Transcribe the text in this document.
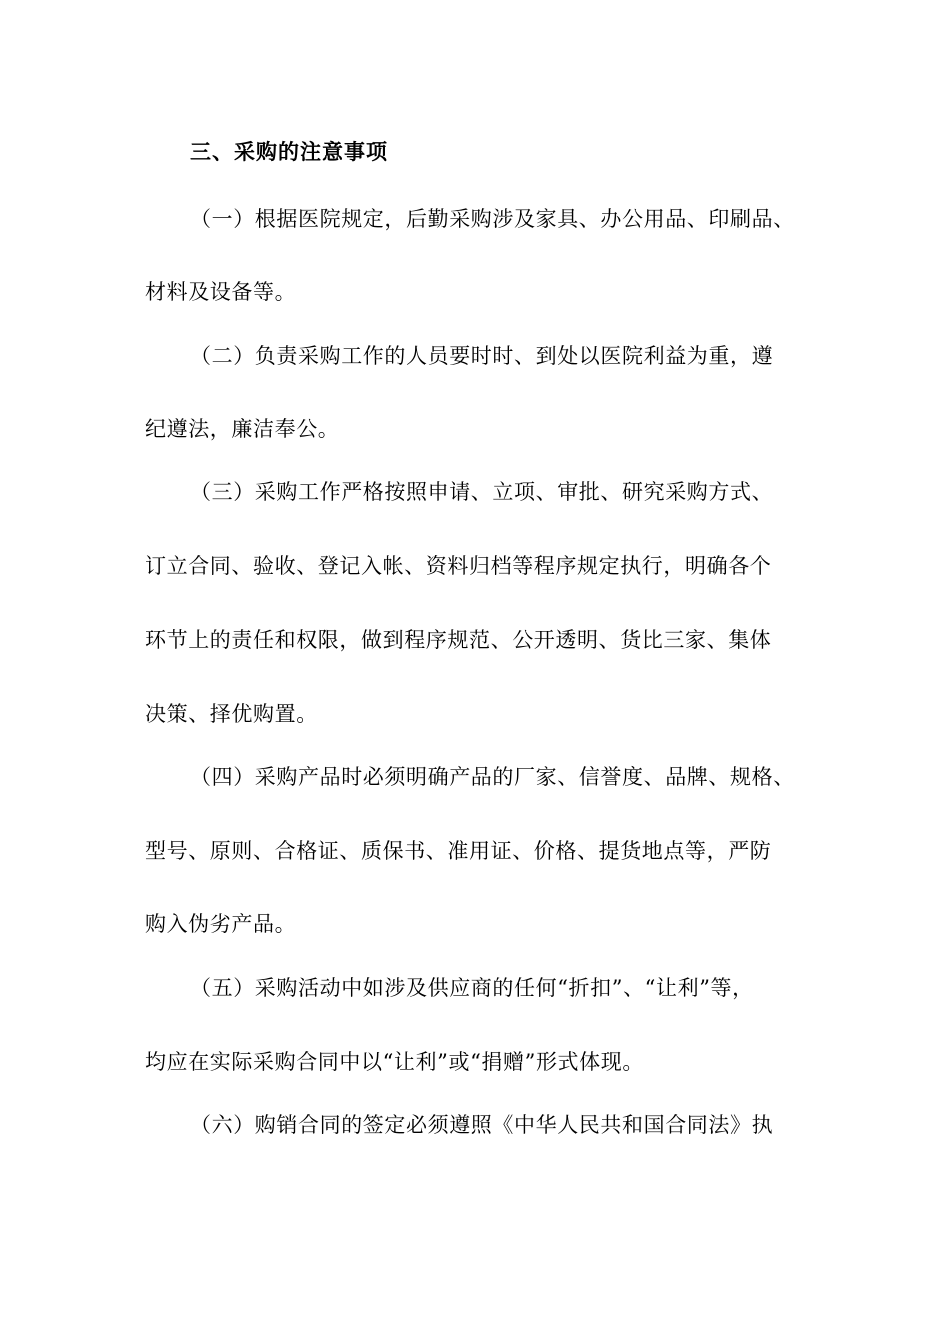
三、采购的注意事项
（一）根据医院规定，后勤采购涉及家具、办公用品、印刷品、
材料及设备等。
（二）负责采购工作的人员要时时、到处以医院利益为重，遵
纪遵法，廉洁奉公。
（三）采购工作严格按照申请、立项、审批、研究采购方式、
订立合同、验收、登记入帐、资料归档等程序规定执行，明确各个
环节上的责任和权限，做到程序规范、公开透明、货比三家、集体
决策、择优购置。
（四）采购产品时必须明确产品的厂家、信誉度、品牌、规格、
型号、原则、合格证、质保书、准用证、价格、提货地点等，严防
购入伪劣产品。
（五）采购活动中如涉及供应商的任何“折扣”、“让利”等，
均应在实际采购合同中以“让利”或“捐赠”形式体现。
（六）购销合同的签定必须遵照《中华人民共和国合同法》执
